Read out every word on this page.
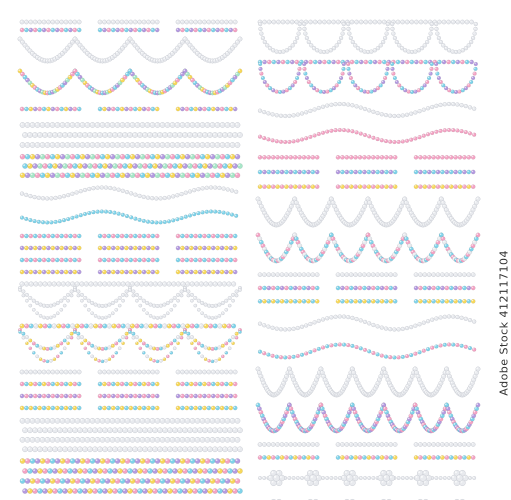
Adobe Stock 412117104
